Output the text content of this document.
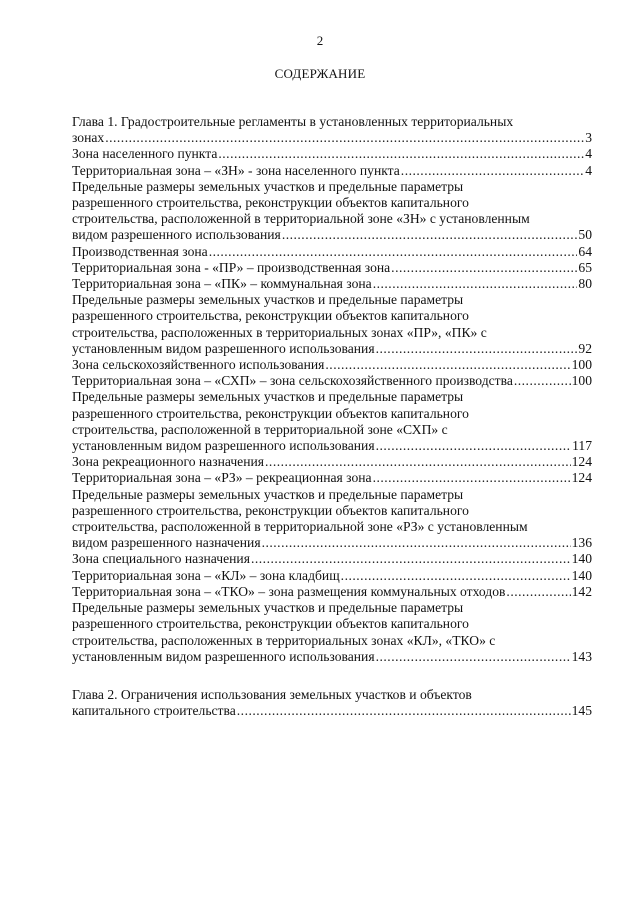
2
СОДЕРЖАНИЕ
Глава 1. Градостроительные регламенты в установленных территориальных
зонах .....	3
Зона населенного пункта .....	4
Территориальная зона – «ЗН» - зона населенного пункта .....	4
Предельные размеры земельных участков и предельные параметры
разрешенного строительства, реконструкции объектов капитального
строительства, расположенной в территориальной зоне «ЗН» с установленным
видом разрешенного использования .....	50
Производственная зона .....	64
Территориальная зона - «ПР» – производственная зона .....	65
Территориальная зона – «ПК» – коммунальная зона .....	80
Предельные размеры земельных участков и предельные параметры
разрешенного строительства, реконструкции объектов капитального
строительства, расположенных в территориальных зонах «ПР», «ПК» с
установленным видом разрешенного использования .....	92
Зона сельскохозяйственного использования .....	100
Территориальная зона – «СХП» – зона сельскохозяйственного производства .....	100
Предельные размеры земельных участков и предельные параметры
разрешенного строительства, реконструкции объектов капитального
строительства, расположенной в территориальной зоне «СХП» с
установленным видом разрешенного использования .....	117
Зона рекреационного назначения .....	124
Территориальная зона – «РЗ» – рекреационная зона .....	124
Предельные размеры земельных участков и предельные параметры
разрешенного строительства, реконструкции объектов капитального
строительства, расположенной в территориальной зоне «РЗ» с установленным
видом разрешенного назначения .....	136
Зона специального назначения .....	140
Территориальная зона – «КЛ» – зона кладбищ .....	140
Территориальная зона – «ТКО» – зона размещения коммунальных отходов .....	142
Предельные размеры земельных участков и предельные параметры
разрешенного строительства, реконструкции объектов капитального
строительства, расположенных в территориальных зонах «КЛ», «ТКО» с
установленным видом разрешенного использования .....	143
Глава 2. Ограничения использования земельных участков и объектов
капитального строительства .....	145
